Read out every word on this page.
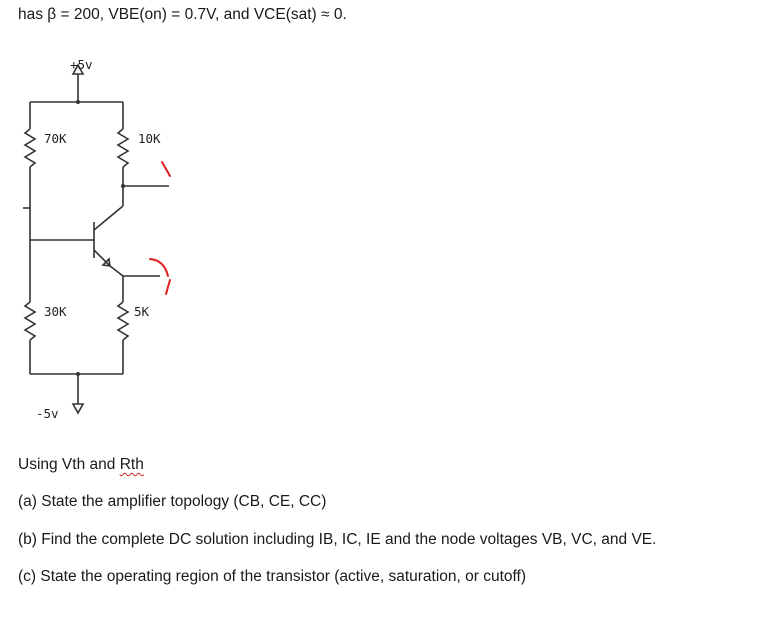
has β = 200, VBE(on) = 0.7V, and VCE(sat) ≈ 0.
+5v
70K	10K
30K	5K
-5v
Using Vth and Rth
(a) State the amplifier topology (CB, CE, CC)
(b) Find the complete DC solution including IB, IC, IE and the node voltages VB, VC, and VE.
(c) State the operating region of the transistor (active, saturation, or cutoff)
